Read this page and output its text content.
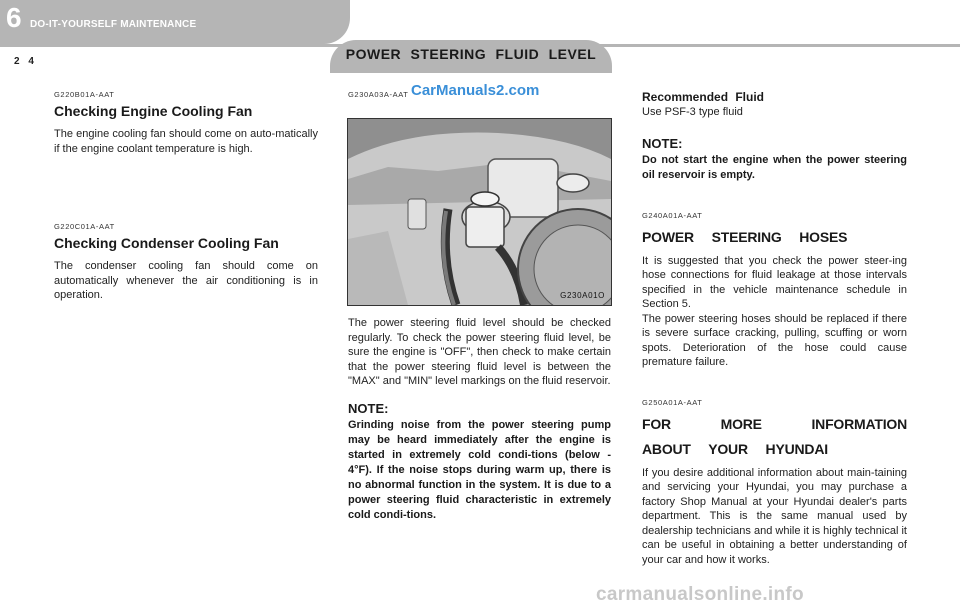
6 DO-IT-YOURSELF MAINTENANCE
2 4	POWER STEERING FLUID LEVEL
G220B01A-AAT
Checking Engine Cooling Fan
The engine cooling fan should come on auto-matically if the engine coolant temperature is high.
G220C01A-AAT
Checking Condenser Cooling Fan
The condenser cooling fan should come on automatically whenever the air conditioning is in operation.
G230A03A-AAT CarManuals2.com
G230A01O
The power steering fluid level should be checked regularly. To check the power steering fluid level, be sure the engine is "OFF", then check to make certain that the power steering fluid level is between the "MAX" and "MIN" level markings on the fluid reservoir.
NOTE:
Grinding noise from the power steering pump may be heard immediately after the engine is started in extremely cold condi-tions (below - 4°F). If the noise stops during warm up, there is no abnormal function in the system. It is due to a power steering fluid characteristic in extremely cold condi-tions.
Recommended Fluid
Use PSF-3 type fluid
NOTE:
Do not start the engine when the power steering oil reservoir is empty.
G240A01A-AAT
POWER STEERING HOSES
It is suggested that you check the power steer-ing hose connections for fluid leakage at those intervals specified in the vehicle maintenance schedule in Section 5.
The power steering hoses should be replaced if there is severe surface cracking, pulling, scuffing or worn spots. Deterioration of the hose could cause premature failure.
G250A01A-AAT
FOR MORE INFORMATION ABOUT YOUR HYUNDAI
If you desire additional information about main-taining and servicing your Hyundai, you may purchase a factory Shop Manual at your Hyundai dealer's parts department. This is the same manual used by dealership technicians and while it is highly technical it can be useful in obtaining a better understanding of your car and how it works.
carmanualsonline.info
